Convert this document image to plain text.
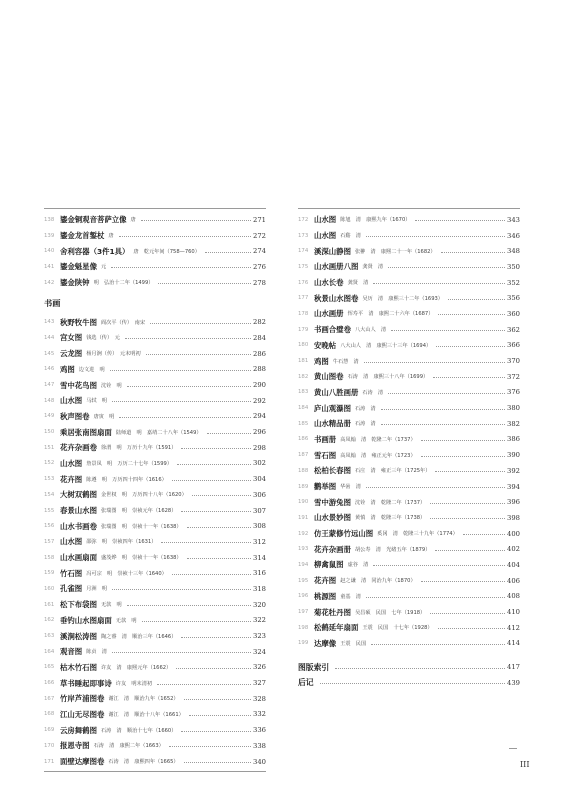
138 鎏金铜观音菩萨立像 唐	271
139 鎏金龙首錾杖 唐	272
140 舍利容器（3件1具） 唐　乾元年间（758—760）	274
141 鎏金魁星像 元	276
142 鎏金陕钟 明　弘治十二年（1499）	278
书画
143 秋野牧牛图 阎次平（传）　南宋	282
144 宫女图 钱选（传）　元	284
145 云龙图 杨月涧（传）　元末明初	286
146 鸡图 边文进　明	288
147 雪中花鸟图 沈铨　明	290
148 山水图 马轼　明	292
149 秋声图卷 唐寅　明	294
150 乘居张南图扇面 陆师道　明　嘉靖二十八年（1549）	296
151 花卉杂画卷 徐渭　明　万历十九年（1591）	298
152 山水图 詹景凤　明　万历二十七年（1599）	302
153 花卉图 陈遵　明　万历四十四年（1616）	304
154 大树双鹤图 金世权　明　万历四十八年（1620）	306
155 春景山水图 张瑞图　明　崇祯元年（1628）	307
156 山水书画卷 张瑞图　明　崇祯十一年（1638）	308
157 山水图 邵弥　明　崇祯四年（1631）	312
158 山水画扇面 盛茂烨　明　崇祯十一年（1638）	314
159 竹石图 冯可宗　明　崇祯十三年（1640）	316
160 孔雀图 月洲　明	318
161 松下布袋图 无款　明	320
162 垂钓山水图扇面 无款　明	322
163 溪涧松涛图 陶之睿　清　顺治三年（1646）	323
164 观音图 陈贞　清	324
165 枯木竹石图 许友　清　康熙元年（1662）	326
166 草书睡起即事诗 许友　明末清初	327
167 竹岸芦浦图卷 谢江　清　顺治九年（1652）	328
168 江山无尽图卷 谢江　清　顺治十八年（1661）	332
169 云房舞鹤图 石涛　清　顺治十七年（1660）	336
170 报恩寺图 石涛　清　康熙二年（1663）	338
171 面壁达摩图卷 石涛　清　康熙四年（1665）	340
172 山水图 陈旭　清　康熙九年（1670）	343
173 山水图 石谿　清	346
174 溪深山静图 张翀　清　康熙二十一年（1682）	348
175 山水画册八图 龚贤　清	350
176 山水长卷 龚贤　清	352
177 秋景山水图卷 吴历　清　康熙三十二年（1693）	356
178 山水画册 恽寿平　清　康熙二十六年（1687）	360
179 书画合璧卷 八大山人　清	362
180 安晚帖 八大山人　清　康熙三十三年（1694）	366
181 鸡图 牛石慧　清	370
182 黄山图卷 石涛　清　康熙三十八年（1699）	372
183 黄山八胜画册 石涛　清	376
184 庐山观瀑图 石涛　清	380
185 山水精品册 石涛　清	382
186 书画册 高凤翰　清　乾隆二年（1737）	386
187 雪石图 高凤翰　清　雍正元年（1723）	390
188 松柏长春图 石庄　清　雍正三年（1725年）	392
189 鹳举图 华喦　清	394
190 雪中游兔图 沈铨　清　乾隆二年（1737）	396
191 山水景妙图 黄慎　清　乾隆三年（1738）	398
192 仿王蒙修竹远山图 奚冈　清　乾隆三十九年（1774）	400
193 花卉杂画册 胡公寿　清　光绪五年（1879）	402
194 柳禽鼠图 虚谷　清	404
195 花卉图 赵之谦　清　同治九年（1870）	406
196 桃源图 童基　清	408
197 菊花牡丹图 吴昌硕　民国　七年（1918）	410
198 松鹤延年扇面 王震　民国　十七年（1928）	412
199 达摩像 王震　民国	414
图版索引	417
后记	439
III
